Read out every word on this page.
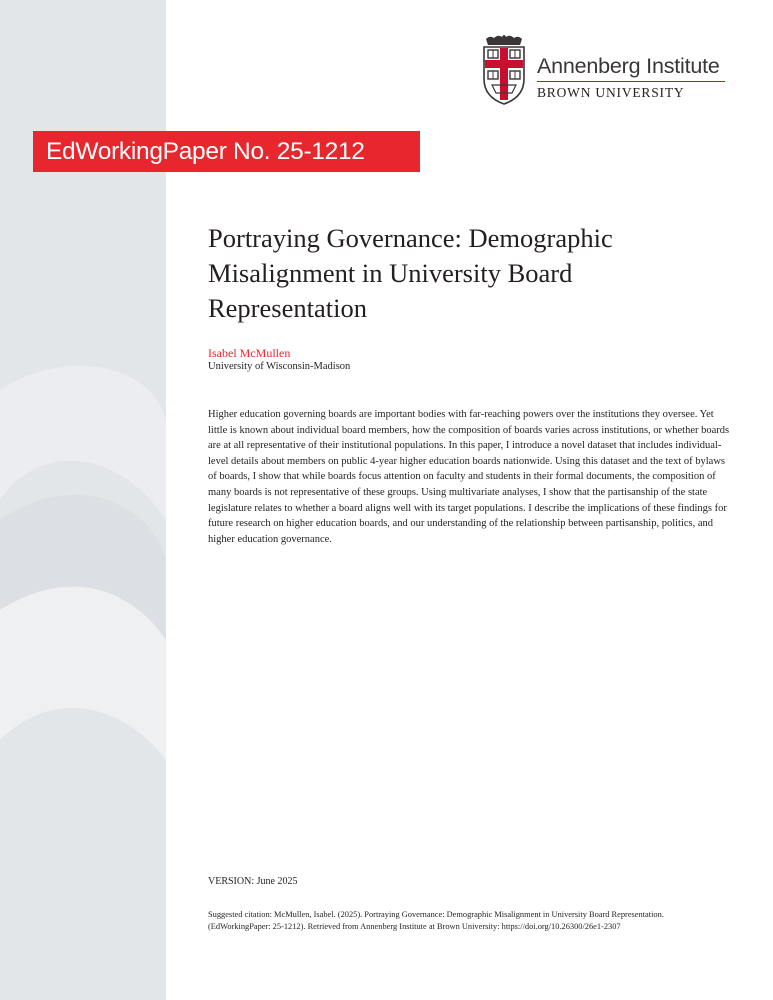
Annenberg Institute
BROWN UNIVERSITY
EdWorkingPaper No. 25-1212
Portraying Governance: Demographic Misalignment in University Board Representation
Isabel McMullen
University of Wisconsin-Madison

Higher education governing boards are important bodies with far-reaching powers over the institutions they oversee. Yet little is known about individual board members, how the composition of boards varies across institutions, or whether boards are at all representative of their institutional populations. In this paper, I introduce a novel dataset that includes individual-level details about members on public 4-year higher education boards nationwide. Using this dataset and the text of bylaws of boards, I show that while boards focus attention on faculty and students in their formal documents, the composition of many boards is not representative of these groups. Using multivariate analyses, I show that the partisanship of the state legislature relates to whether a board aligns well with its target populations. I describe the implications of these findings for future research on higher education boards, and our understanding of the relationship between partisanship, politics, and higher education governance.

VERSION: June 2025

Suggested citation: McMullen, Isabel. (2025). Portraying Governance: Demographic Misalignment in University Board Representation. (EdWorkingPaper: 25-1212). Retrieved from Annenberg Institute at Brown University: https://doi.org/10.26300/26e1-2307
